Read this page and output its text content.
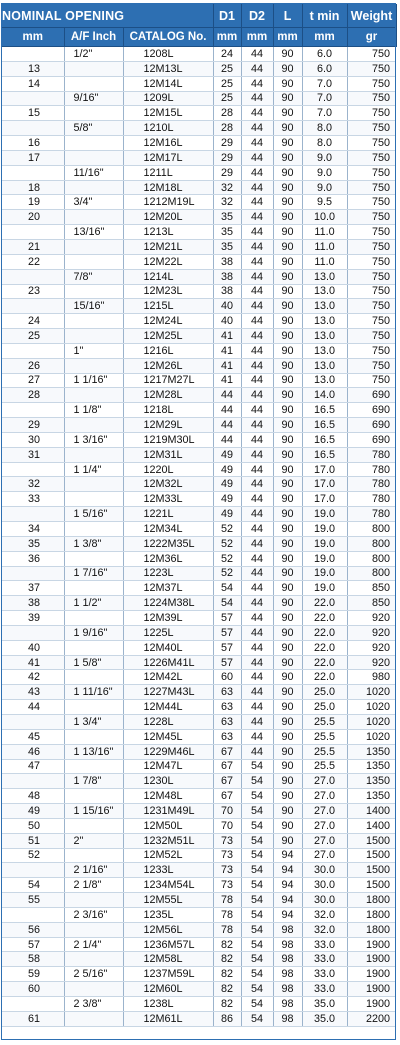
NOMINAL OPENING			D1	D2	L	t min	Weight
mm	A/F Inch	CATALOG No.	mm	mm	mm	mm	gr
	1/2"	1208L	24	44	90	6.0	750
13		12M13L	25	44	90	6.0	750
14		12M14L	25	44	90	7.0	750
	9/16"	1209L	25	44	90	7.0	750
15		12M15L	28	44	90	7.0	750
	5/8"	1210L	28	44	90	8.0	750
16		12M16L	29	44	90	8.0	750
17		12M17L	29	44	90	9.0	750
	11/16"	1211L	29	44	90	9.0	750
18		12M18L	32	44	90	9.0	750
19	3/4"	1212M19L	32	44	90	9.5	750
20		12M20L	35	44	90	10.0	750
	13/16"	1213L	35	44	90	11.0	750
21		12M21L	35	44	90	11.0	750
22		12M22L	38	44	90	11.0	750
	7/8"	1214L	38	44	90	13.0	750
23		12M23L	38	44	90	13.0	750
	15/16"	1215L	40	44	90	13.0	750
24		12M24L	40	44	90	13.0	750
25		12M25L	41	44	90	13.0	750
	1"	1216L	41	44	90	13.0	750
26		12M26L	41	44	90	13.0	750
27	1 1/16"	1217M27L	41	44	90	13.0	750
28		12M28L	44	44	90	14.0	690
	1 1/8"	1218L	44	44	90	16.5	690
29		12M29L	44	44	90	16.5	690
30	1 3/16"	1219M30L	44	44	90	16.5	690
31		12M31L	49	44	90	16.5	780
	1 1/4"	1220L	49	44	90	17.0	780
32		12M32L	49	44	90	17.0	780
33		12M33L	49	44	90	17.0	780
	1 5/16"	1221L	49	44	90	19.0	780
34		12M34L	52	44	90	19.0	800
35	1 3/8"	1222M35L	52	44	90	19.0	800
36		12M36L	52	44	90	19.0	800
	1 7/16"	1223L	52	44	90	19.0	800
37		12M37L	54	44	90	19.0	850
38	1 1/2"	1224M38L	54	44	90	22.0	850
39		12M39L	57	44	90	22.0	920
	1 9/16"	1225L	57	44	90	22.0	920
40		12M40L	57	44	90	22.0	920
41	1 5/8"	1226M41L	57	44	90	22.0	920
42		12M42L	60	44	90	22.0	980
43	1 11/16"	1227M43L	63	44	90	25.0	1020
44		12M44L	63	44	90	25.0	1020
	1 3/4"	1228L	63	44	90	25.5	1020
45		12M45L	63	44	90	25.5	1020
46	1 13/16"	1229M46L	67	44	90	25.5	1350
47		12M47L	67	54	90	25.5	1350
	1 7/8"	1230L	67	54	90	27.0	1350
48		12M48L	67	54	90	27.0	1350
49	1 15/16"	1231M49L	70	54	90	27.0	1400
50		12M50L	70	54	90	27.0	1400
51	2"	1232M51L	73	54	90	27.0	1500
52		12M52L	73	54	94	27.0	1500
	2 1/16"	1233L	73	54	94	30.0	1500
54	2 1/8"	1234M54L	73	54	94	30.0	1500
55		12M55L	78	54	94	30.0	1800
	2 3/16"	1235L	78	54	94	32.0	1800
56		12M56L	78	54	98	32.0	1800
57	2 1/4"	1236M57L	82	54	98	33.0	1900
58		12M58L	82	54	98	33.0	1900
59	2 5/16"	1237M59L	82	54	98	33.0	1900
60		12M60L	82	54	98	33.0	1900
	2 3/8"	1238L	82	54	98	35.0	1900
61		12M61L	86	54	98	35.0	2200
